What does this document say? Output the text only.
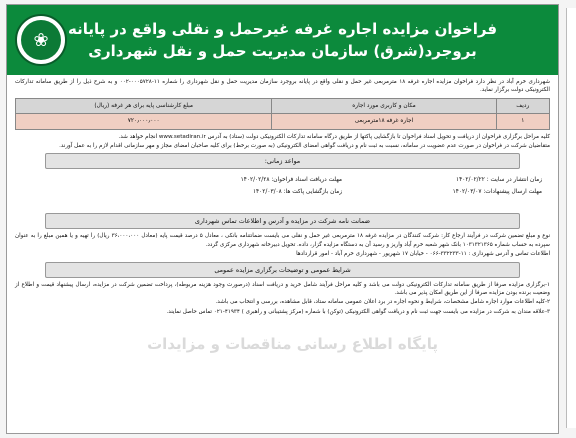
فراخوان مزایده اجاره غرفه غیرحمل و نقلی واقع در پایانه
بروجرد(شرق) سازمان مدیریت حمل و نقل شهرداری
❀
شهرداری خرم آباد در نظر دارد فراخوان مزایده اجاره غرفه ۱۸ مترمربعی غیر حمل و نقلی واقع در پایانه بروجرد سازمان مدیریت حمل و نقل شهرداری را شماره ۱۱-۰۰۰۵۷۲۸-۰۰۲ و به شرح ذیل را از طریق سامانه تدارکات الکترونیکی دولت برگزار نماید.
ردیف	مکان و کاربری مورد اجاره	مبلغ کارشناسی پایه برای هر غرفه (ریال)
۱	اجاره غرفه ۱۸مترمربعی	۷۲۰٫۰۰۰٫۰۰۰
کلیه مراحل برگزاری فراخوان از دریافت و تحویل اسناد فراخوان تا بازگشایی پاکتها از طریق درگاه سامانه تدارکات الکترونیکی دولت (ستاد) به آدرس www.setadiran.ir انجام خواهد شد.
متقاضیان شرکت در فراخوان در صورت عدم عضویت در سامانه، نسبت به ثبت نام و دریافت گواهی امضای الکترونیکی (به صورت برخط) برای کلیه صاحبان امضای مجاز و مهر سازمانی اقدام لازم را به عمل آورند.
مواعد زمانی:
زمان انتشار در سایت : ۱۴۰۲/۰۲/۲۲
مهلت ارسال پیشنهادات: ۱۴۰۲/۰۳/۰۷
مهلت دریافت اسناد فراخوان: ۱۴۰۲/۰۲/۲۸
زمان بازگشایی پاکت ها: ۱۴۰۲/۰۳/۰۸
ضمانت نامه شرکت در مزایده و آدرس و اطلاعات تماس شهرداری
نوع و مبلغ تضمین شرکت در فرآیند ارجاع کار: شرکت کنندگان در مزایده غرفه ۱۸ مترمربعی غیر حمل و نقلی می بایست ضمانتنامه بانکی ، معادل ۵ درصد قیمت پایه (معادل ۳۶،۰۰۰،۰۰۰ ریال) را تهیه و یا همین مبلغ را به عنوان سپرده به حساب شماره ۱۰۳۱۳۲۱۳۶۵ بانک شهر شعبه خرم آباد واریز و رسید آن به دستگاه مزایده گزار، داده. تحویل دبیرخانه شهرداری مرکزی گردد.
اطلاعات تماس و آدرس شهرداری : ۱۱-۳۳۲۲۳۳-۰۶۶ - خیابان ۱۷ شهریور - شهرداری خرم آباد - امور قراردادها
شرایط عمومی و توضیحات برگزاری مزایده عمومی
۱-برگزاری مزایده صرفا از طریق سامانه تدارکات الکترونیکی دولت می باشد و کلیه مراحل فرآیند شامل خرید و دریافت اسناد (درصورت وجود هزینه مربوطه)، پرداخت تضمین شرکت در مزایده، ارسال پیشنهاد قیمت و اطلاع از وضعیت برنده بودن مزایده صرفا از این طریق امکان پذیر می باشد.
۲-کلیه اطلاعات موارد اجاره شامل مشخصات، شرایط و نحوه اجاره در برد اعلان عمومی سامانه ستاد، قابل مشاهده، بررسی و انتخاب می باشد.
۳-علاقه مندان به شرکت در مزایده می بایست جهت ثبت نام و دریافت گواهی الکترونیکی (توکن) با شماره (مرکز پشتیبانی و راهبری ) ۴۱۹۳۴-۰۲۱ تماس حاصل نمایند.
پایگاه اطلاع رسانی مناقصات و مزایدات
